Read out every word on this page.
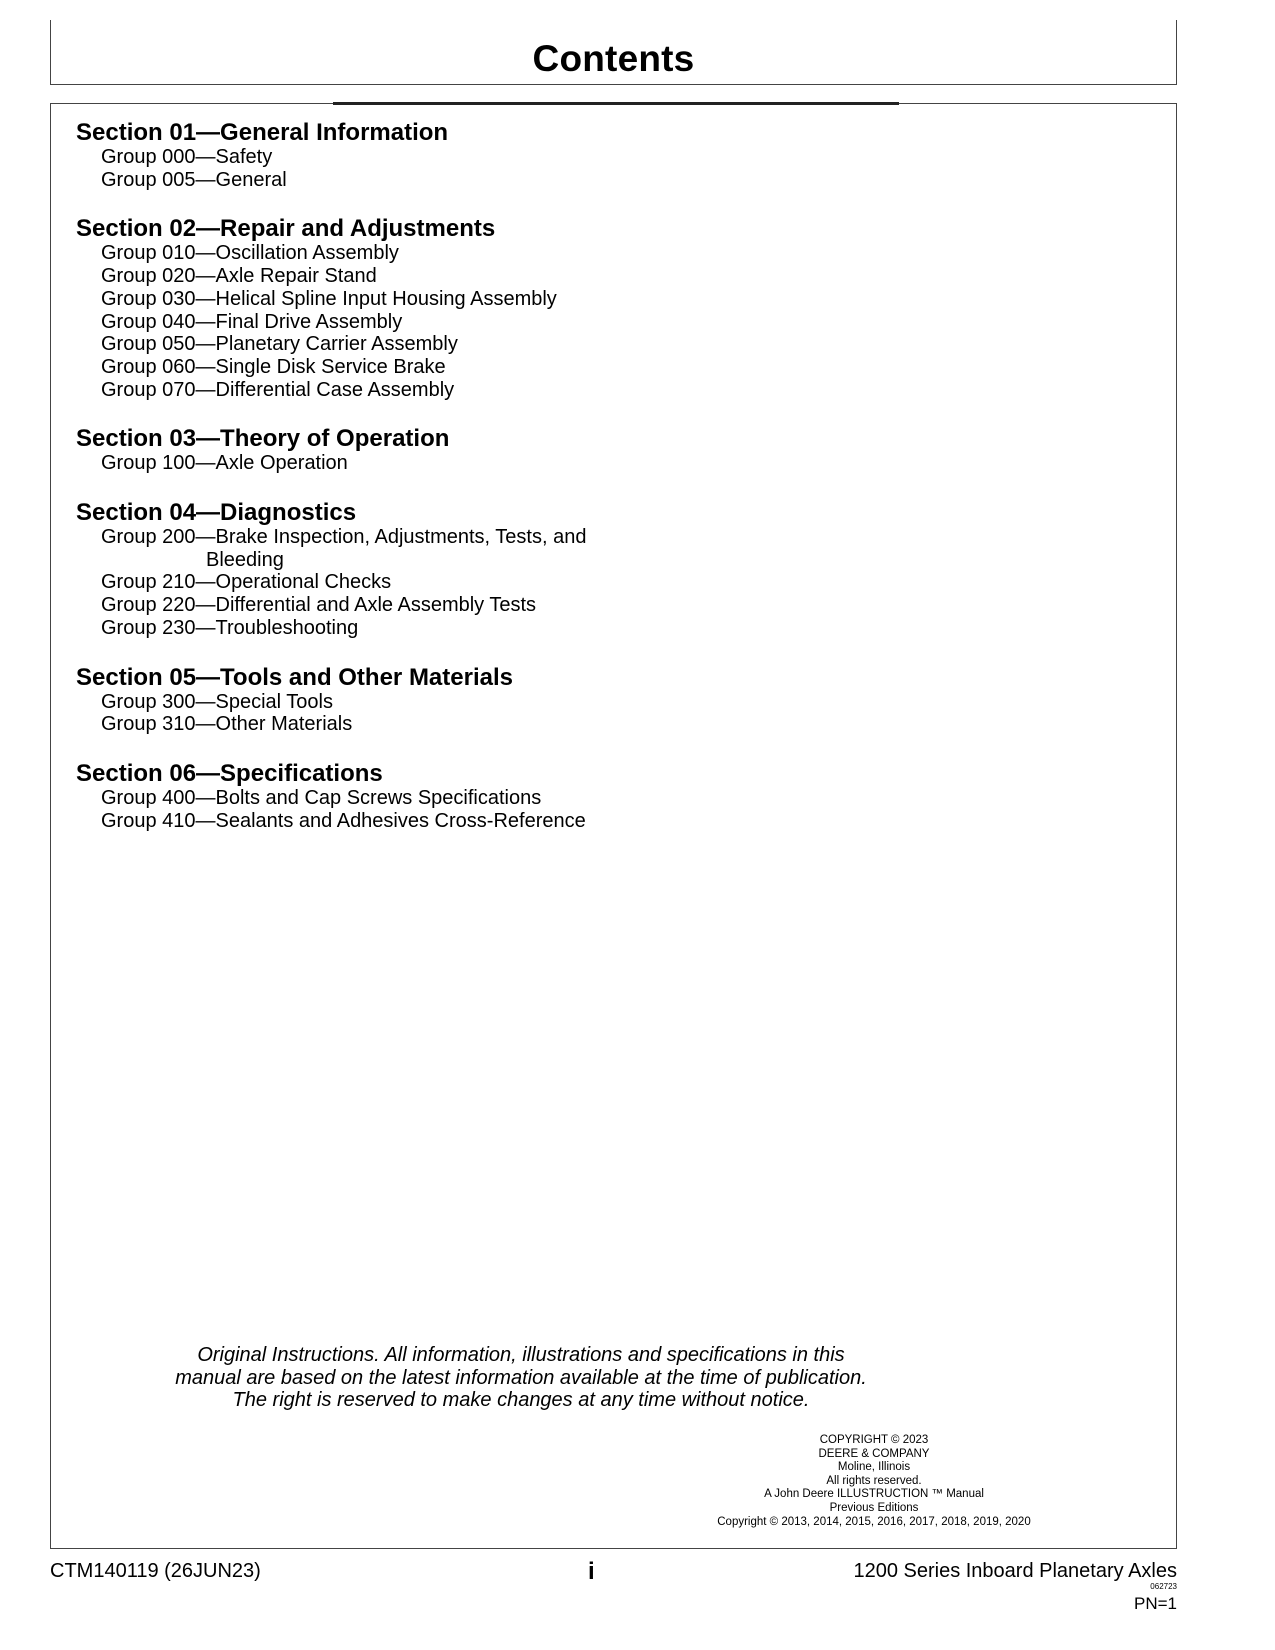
Contents
Section 01—General Information
Group 000—Safety
Group 005—General
Section 02—Repair and Adjustments
Group 010—Oscillation Assembly
Group 020—Axle Repair Stand
Group 030—Helical Spline Input Housing Assembly
Group 040—Final Drive Assembly
Group 050—Planetary Carrier Assembly
Group 060—Single Disk Service Brake
Group 070—Differential Case Assembly
Section 03—Theory of Operation
Group 100—Axle Operation
Section 04—Diagnostics
Group 200—Brake Inspection, Adjustments, Tests, and
Bleeding
Group 210—Operational Checks
Group 220—Differential and Axle Assembly Tests
Group 230—Troubleshooting
Section 05—Tools and Other Materials
Group 300—Special Tools
Group 310—Other Materials
Section 06—Specifications
Group 400—Bolts and Cap Screws Specifications
Group 410—Sealants and Adhesives Cross-Reference
Original Instructions. All information, illustrations and specifications in this
manual are based on the latest information available at the time of publication.
The right is reserved to make changes at any time without notice.
COPYRIGHT © 2023
DEERE & COMPANY
Moline, Illinois
All rights reserved.
A John Deere ILLUSTRUCTION ™ Manual
Previous Editions
Copyright © 2013, 2014, 2015, 2016, 2017, 2018, 2019, 2020
CTM140119 (26JUN23)	i	1200 Series Inboard Planetary Axles
062723
PN=1
